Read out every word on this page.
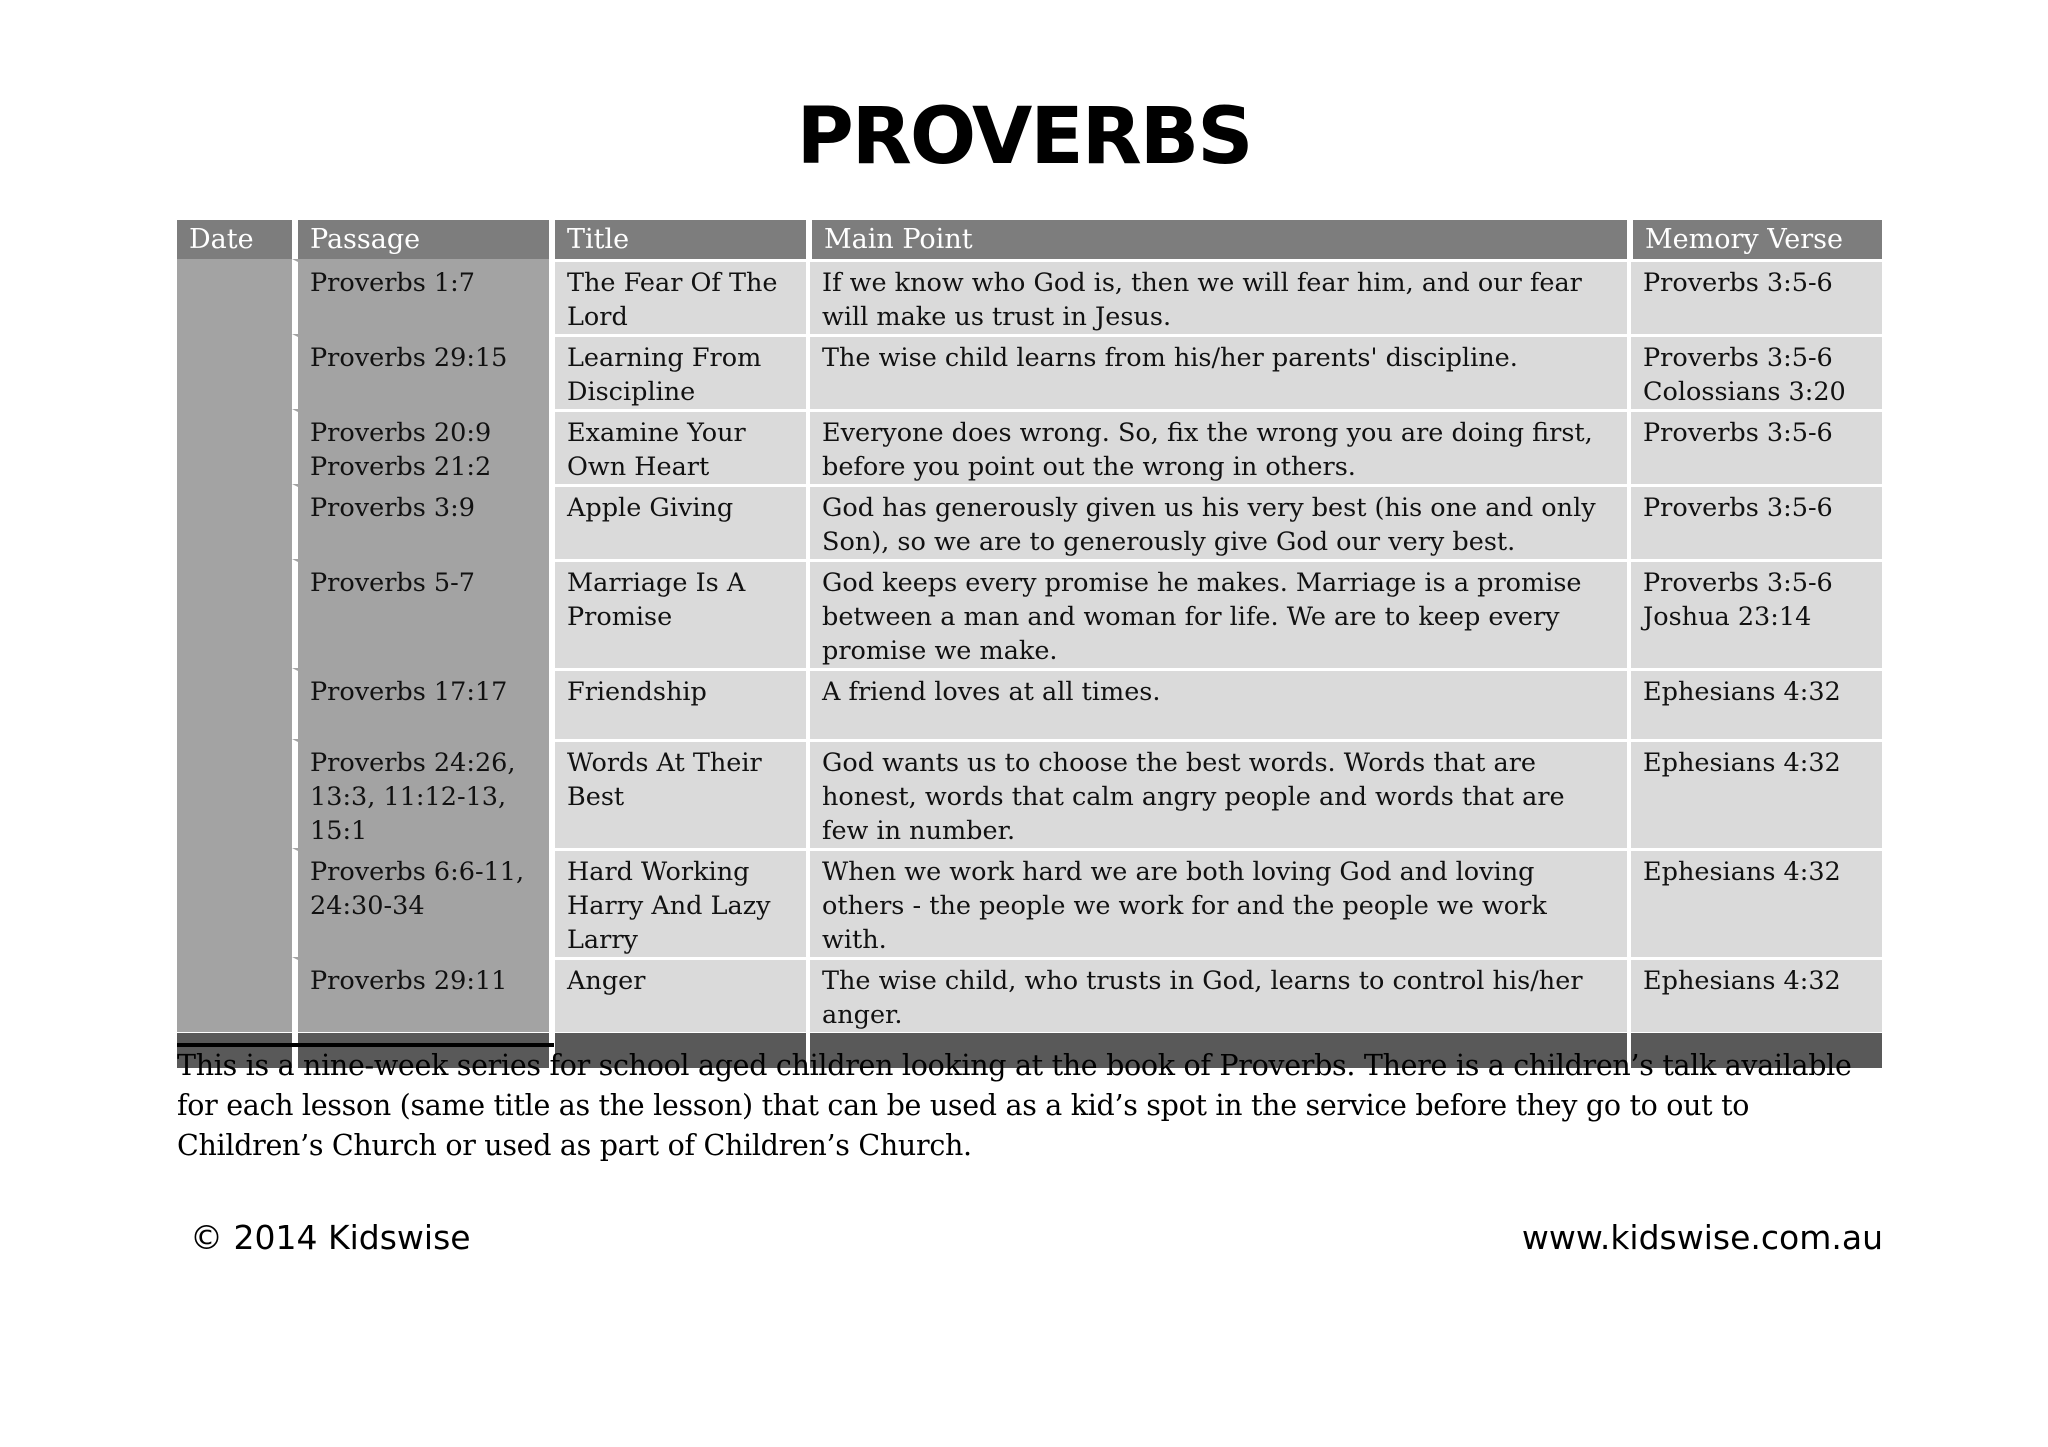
PROVERBS
Date	Passage	Title	Main Point	Memory Verse
	Proverbs 1:7	The Fear Of The Lord	If we know who God is, then we will fear him, and our fear will make us trust in Jesus.	Proverbs 3:5-6
	Proverbs 29:15	Learning From Discipline	The wise child learns from his/her parents' discipline.	Proverbs 3:5-6 Colossians 3:20
	Proverbs 20:9 Proverbs 21:2	Examine Your Own Heart	Everyone does wrong. So, fix the wrong you are doing first, before you point out the wrong in others.	Proverbs 3:5-6
	Proverbs 3:9	Apple Giving	God has generously given us his very best (his one and only Son), so we are to generously give God our very best.	Proverbs 3:5-6
	Proverbs 5-7	Marriage Is A Promise	God keeps every promise he makes. Marriage is a promise between a man and woman for life. We are to keep every promise we make.	Proverbs 3:5-6 Joshua 23:14
	Proverbs 17:17	Friendship	A friend loves at all times.	Ephesians 4:32
	Proverbs 24:26, 13:3, 11:12-13, 15:1	Words At Their Best	God wants us to choose the best words. Words that are honest, words that calm angry people and words that are few in number.	Ephesians 4:32
	Proverbs 6:6-11, 24:30-34	Hard Working Harry And Lazy Larry	When we work hard we are both loving God and loving others - the people we work for and the people we work with.	Ephesians 4:32
	Proverbs 29:11	Anger	The wise child, who trusts in God, learns to control his/her anger.	Ephesians 4:32

This is a nine-week series for school aged children looking at the book of Proverbs. There is a children’s talk available for each lesson (same title as the lesson) that can be used as a kid’s spot in the service before they go to out to Children’s Church or used as part of Children’s Church.
© 2014 Kidswise	www.kidswise.com.au
